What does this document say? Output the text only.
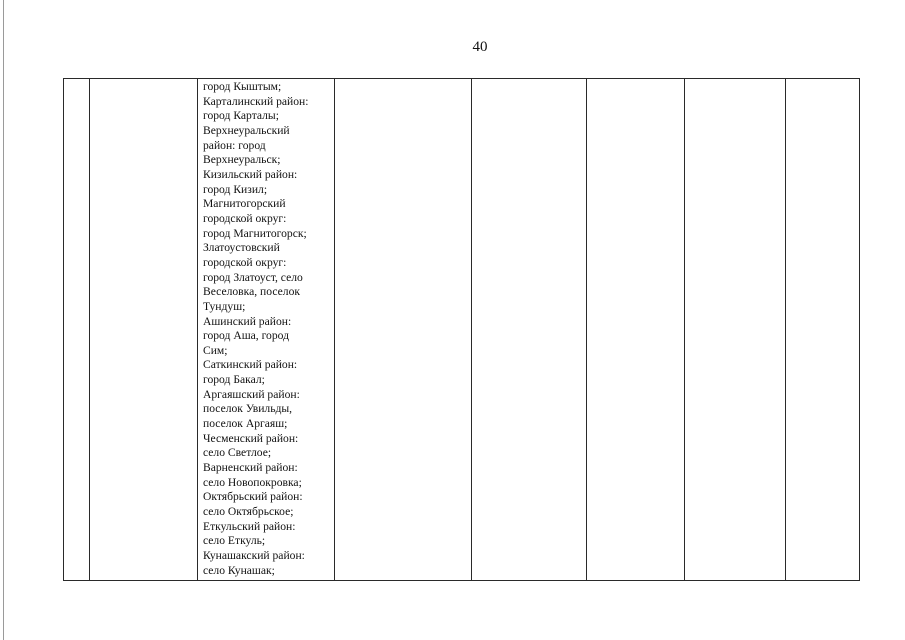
40
город Кыштым;
Карталинский район:
город Карталы;
Верхнеуральский
район: город
Верхнеуральск;
Кизильский район:
город Кизил;
Магнитогорский
городской округ:
город Магнитогорск;
Златоустовский
городской округ:
город Златоуст, село
Веселовка, поселок
Тундуш;
Ашинский район:
город Аша, город
Сим;
Саткинский район:
город Бакал;
Аргаяшский район:
поселок Увильды,
поселок Аргаяш;
Чесменский район:
село Светлое;
Варненский район:
село Новопокровка;
Октябрьский район:
село Октябрьское;
Еткульский район:
село Еткуль;
Кунашакский район:
село Кунашак;
